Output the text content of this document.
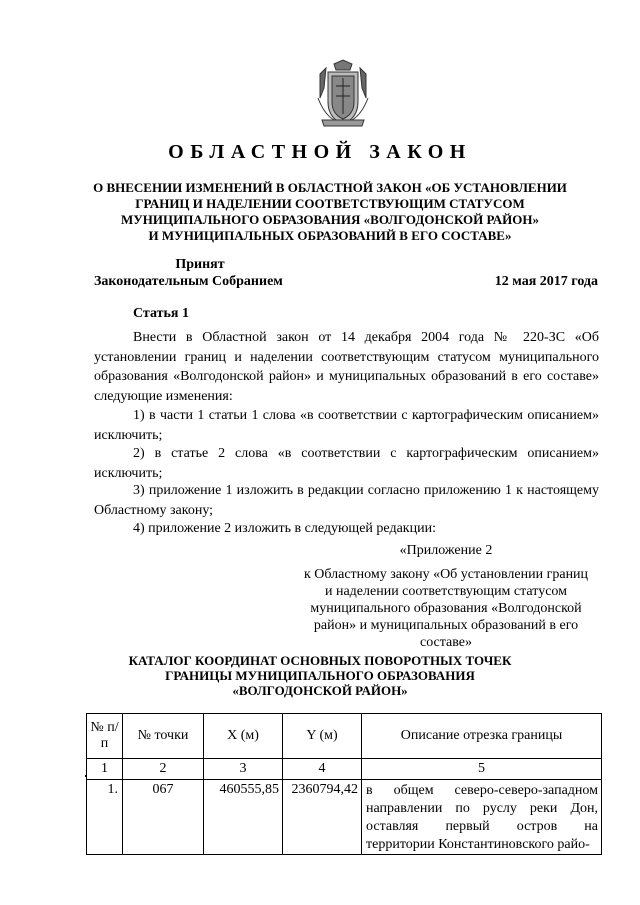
ОБЛАСТНОЙ ЗАКОН
О ВНЕСЕНИИ ИЗМЕНЕНИЙ В ОБЛАСТНОЙ ЗАКОН «ОБ УСТАНОВЛЕНИИ
ГРАНИЦ И НАДЕЛЕНИИ СООТВЕТСТВУЮЩИМ СТАТУСОМ
МУНИЦИПАЛЬНОГО ОБРАЗОВАНИЯ «ВОЛГОДОНСКОЙ РАЙОН»
И МУНИЦИПАЛЬНЫХ ОБРАЗОВАНИЙ В ЕГО СОСТАВЕ»
Принят
Законодательным Собранием	12 мая 2017 года
Статья 1
Внести в Областной закон от 14 декабря 2004 года № 220-ЗС «Об установлении границ и наделении соответствующим статусом муниципального образования «Волгодонской район» и муниципальных образований в его составе» следующие изменения:
1) в части 1 статьи 1 слова «в соответствии с картографическим описанием» исключить;
2) в статье 2 слова «в соответствии с картографическим описанием» исключить;
3) приложение 1 изложить в редакции согласно приложению 1 к настоящему Областному закону;
4) приложение 2 изложить в следующей редакции:
«Приложение 2
к Областному закону «Об установлении границ и наделении соответствующим статусом муниципального образования «Волгодонской район» и муниципальных образований в его составе»
КАТАЛОГ КООРДИНАТ ОСНОВНЫХ ПОВОРОТНЫХ ТОЧЕК
ГРАНИЦЫ МУНИЦИПАЛЬНОГО ОБРАЗОВАНИЯ
«ВОЛГОДОНСКОЙ РАЙОН»
№ п/п	№ точки	X (м)	Y (м)	Описание отрезка границы
1	2	3	4	5
1.	067	460555,85	2360794,42	в общем северо-северо-западном направлении по руслу реки Дон, оставляя первый остров на территории Константиновского райо-
